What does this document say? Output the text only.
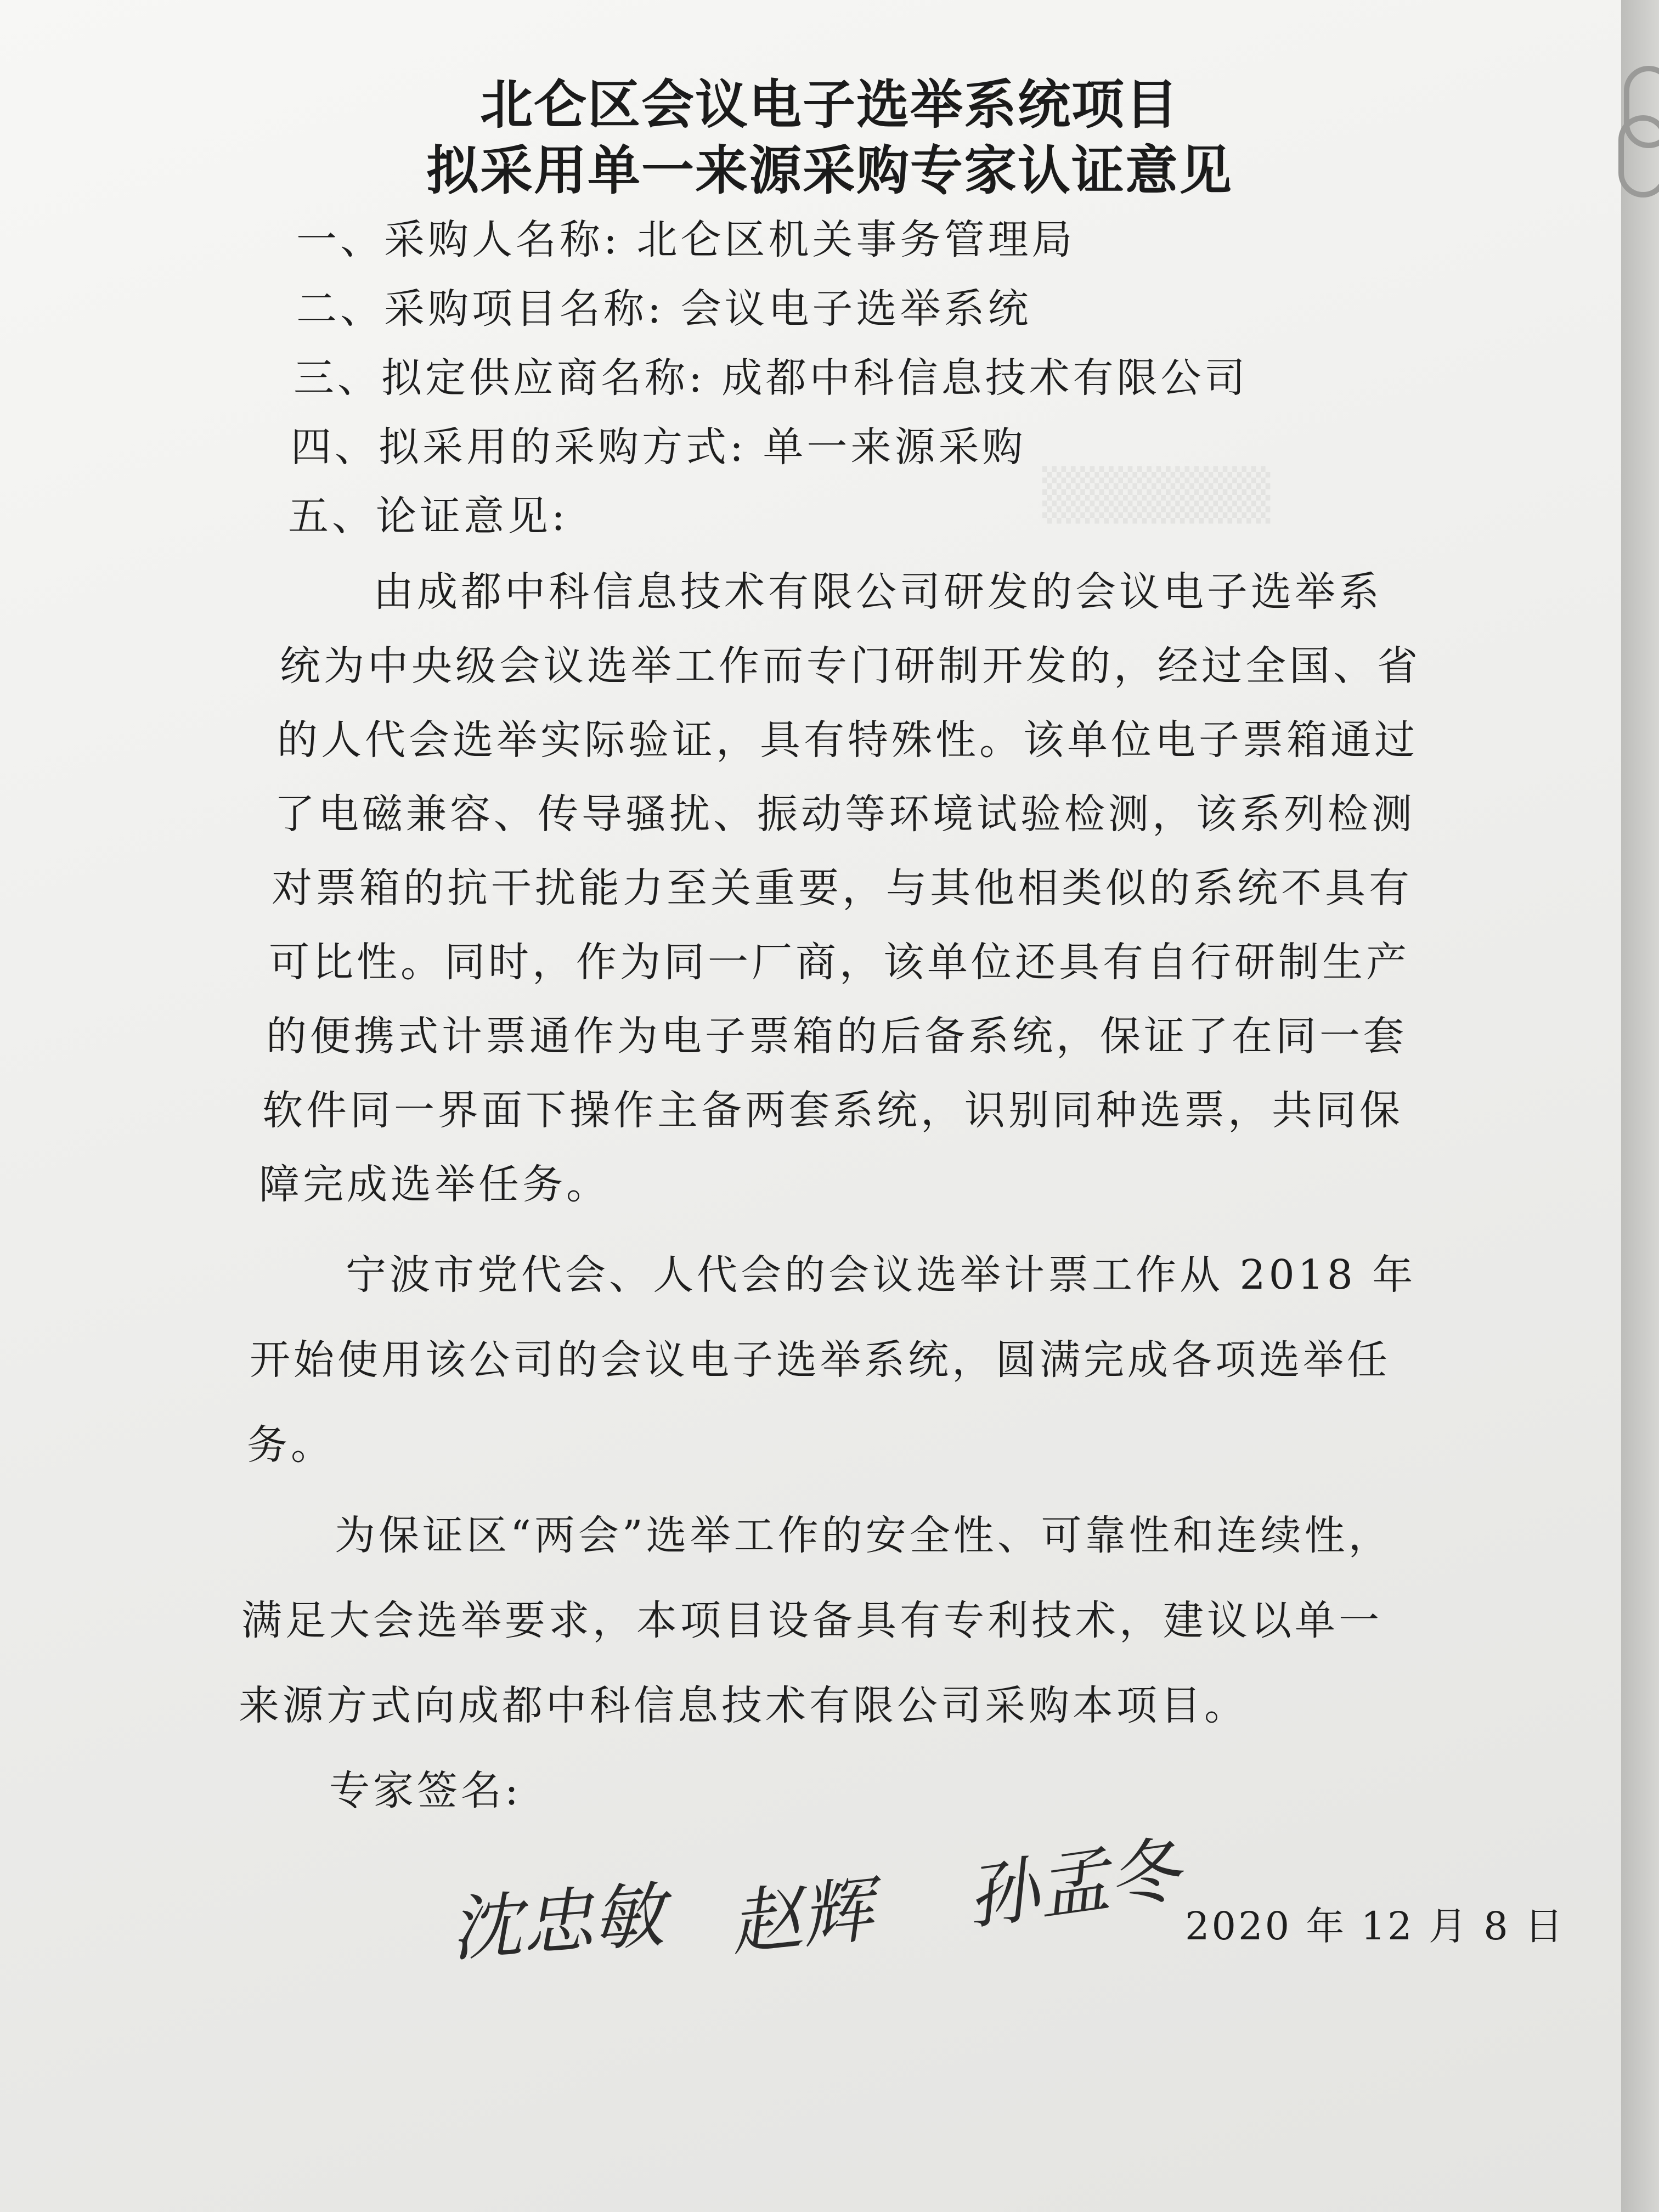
▒▒▒▒▒▒
北仑区会议电子选举系统项目
拟采用单一来源采购专家认证意见

一、采购人名称: 北仑区机关事务管理局

二、采购项目名称: 会议电子选举系统

三、拟定供应商名称: 成都中科信息技术有限公司

四、拟采用的采购方式: 单一来源采购

五、论证意见:

由成都中科信息技术有限公司研发的会议电子选举系

统为中央级会议选举工作而专门研制开发的，经过全国、省

的人代会选举实际验证，具有特殊性。该单位电子票箱通过

了电磁兼容、传导骚扰、振动等环境试验检测，该系列检测

对票箱的抗干扰能力至关重要，与其他相类似的系统不具有

可比性。同时，作为同一厂商，该单位还具有自行研制生产

的便携式计票通作为电子票箱的后备系统，保证了在同一套

软件同一界面下操作主备两套系统，识别同种选票，共同保

障完成选举任务。

宁波市党代会、人代会的会议选举计票工作从 2018 年

开始使用该公司的会议电子选举系统，圆满完成各项选举任

务。

为保证区“两会”选举工作的安全性、可靠性和连续性，

满足大会选举要求，本项目设备具有专利技术，建议以单一

来源方式向成都中科信息技术有限公司采购本项目。

专家签名:

沈忠敏 赵辉 孙孟冬 2020 年 12 月 8 日
